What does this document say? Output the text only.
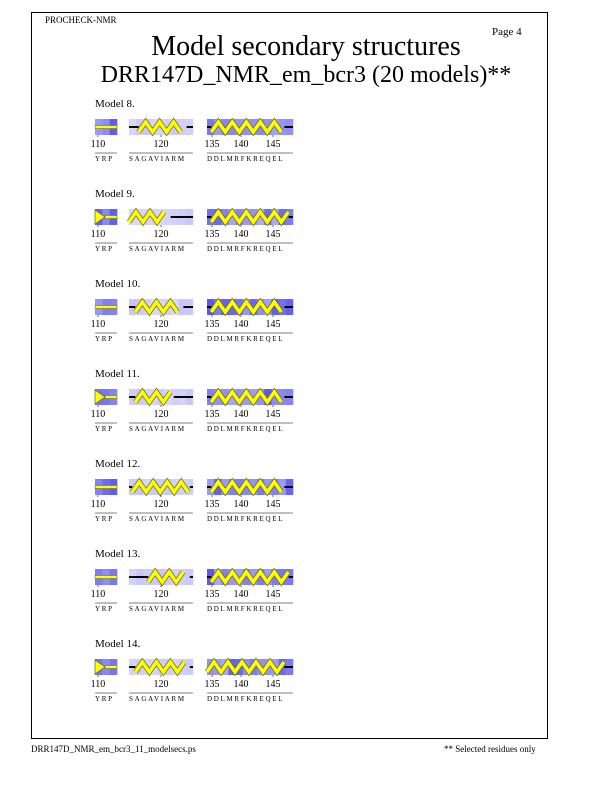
PROCHECK-NMR
Page 4
Model secondary structures
DRR147D_NMR_em_bcr3 (20 models)**
Model 8.
110	120	135 140 145
YRP SAGAVIARM	DDLMRFKREQEL
Model 9.
110	120	135 140 145
YRP SAGAVIARM	DDLMRFKREQEL
Model 10.
110	120	135 140 145
YRP SAGAVIARM	DDLMRFKREQEL
Model 11.
110	120	135 140 145
YRP SAGAVIARM	DDLMRFKREQEL
Model 12.
110	120	135 140 145
YRP SAGAVIARM	DDLMRFKREQEL
Model 13.
110	120	135 140 145
YRP SAGAVIARM	DDLMRFKREQEL
Model 14.
110	120	135 140 145
YRP SAGAVIARM	DDLMRFKREQEL
DRR147D_NMR_em_bcr3_11_modelsecs.ps	** Selected residues only
